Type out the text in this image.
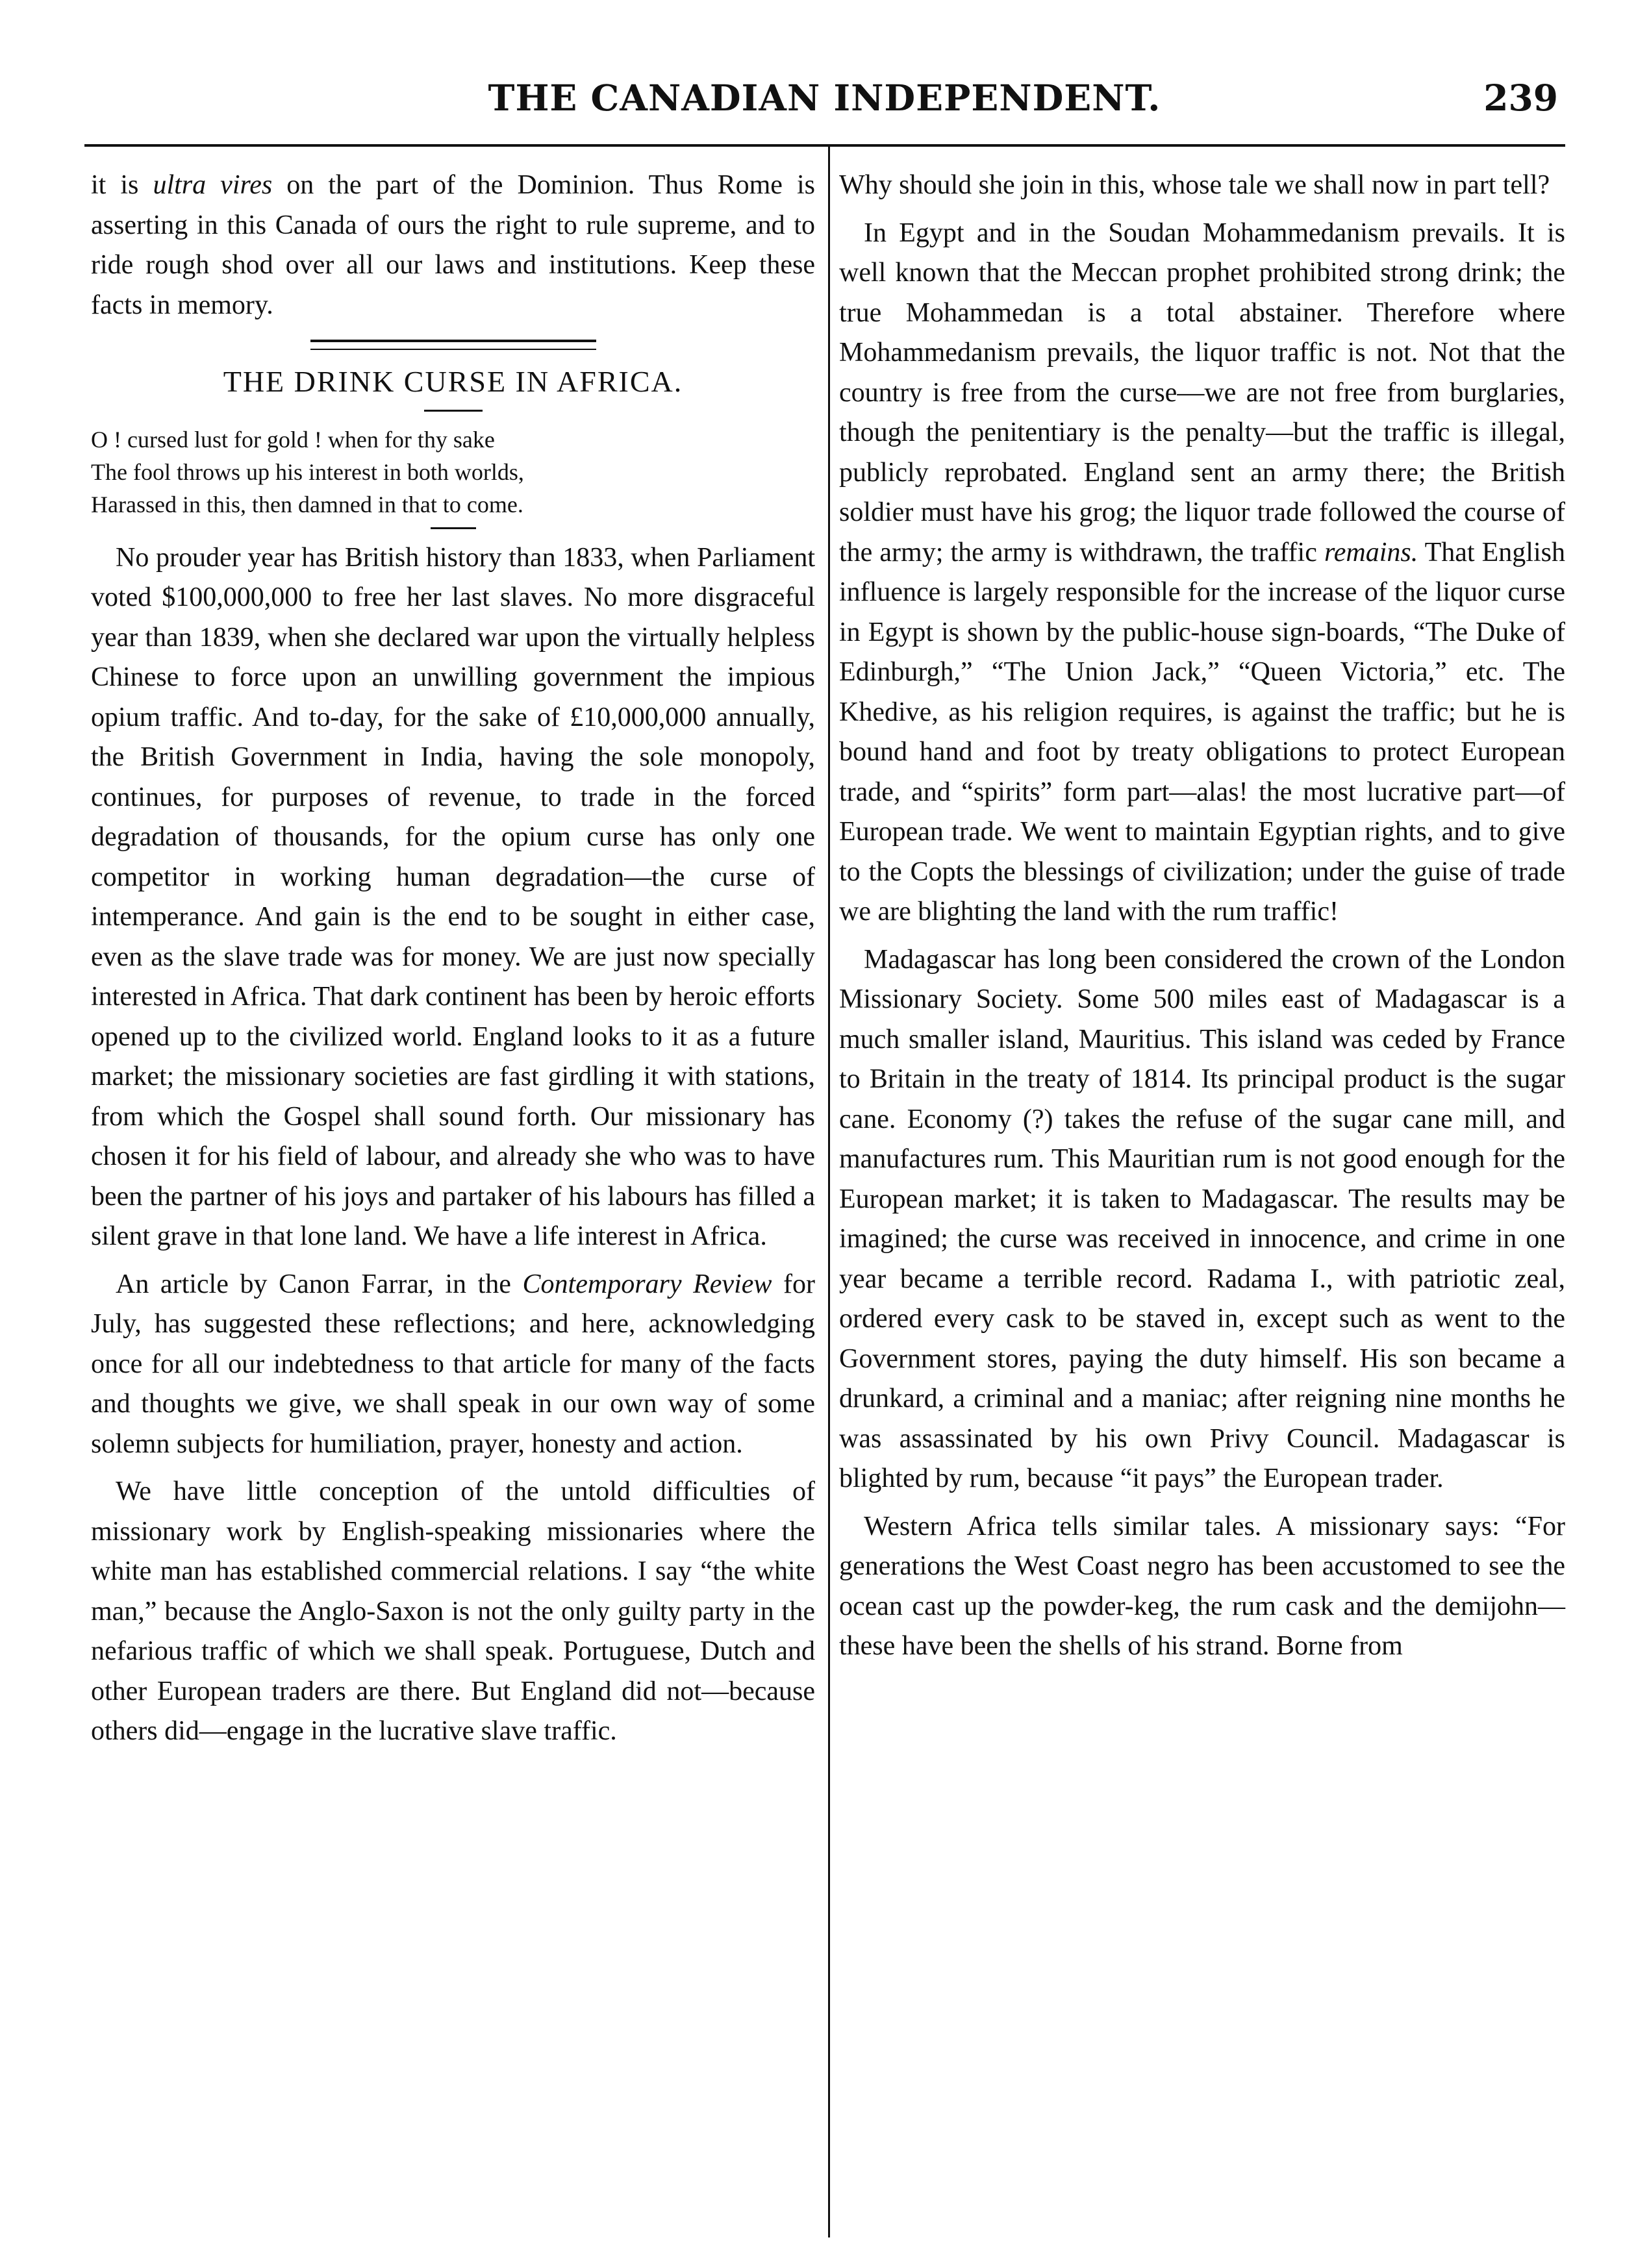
THE CANADIAN INDEPENDENT.	239

it is ultra vires on the part of the Dominion. Thus Rome is asserting in this Canada of ours the right to rule supreme, and to ride rough shod over all our laws and institutions. Keep these facts in memory.

THE DRINK CURSE IN AFRICA.
O ! cursed lust for gold ! when for thy sake
The fool throws up his interest in both worlds,
Harassed in this, then damned in that to come.

No prouder year has British history than 1833, when Parliament voted $100,000,000 to free her last slaves. No more disgraceful year than 1839, when she declared war upon the virtually helpless Chinese to force upon an unwilling government the impious opium traffic. And to-day, for the sake of £10,000,000 annually, the British Government in India, having the sole monopoly, continues, for purposes of revenue, to trade in the forced degradation of thousands, for the opium curse has only one competitor in working human degradation—the curse of intemperance. And gain is the end to be sought in either case, even as the slave trade was for money. We are just now specially interested in Africa. That dark continent has been by heroic efforts opened up to the civilized world. England looks to it as a future market; the missionary societies are fast girdling it with stations, from which the Gospel shall sound forth. Our missionary has chosen it for his field of labour, and already she who was to have been the partner of his joys and partaker of his labours has filled a silent grave in that lone land. We have a life interest in Africa.

An article by Canon Farrar, in the Contemporary Review for July, has suggested these reflections; and here, acknowledging once for all our indebtedness to that article for many of the facts and thoughts we give, we shall speak in our own way of some solemn subjects for humiliation, prayer, honesty and action.

We have little conception of the untold difficulties of missionary work by English-speaking missionaries where the white man has established commercial relations. I say “the white man,” because the Anglo-Saxon is not the only guilty party in the nefarious traffic of which we shall speak. Portuguese, Dutch and other European traders are there. But England did not—because others did—engage in the lucrative slave traffic.

Why should she join in this, whose tale we shall now in part tell?

In Egypt and in the Soudan Mohammedanism prevails. It is well known that the Meccan prophet prohibited strong drink; the true Mohammedan is a total abstainer. Therefore where Mohammedanism prevails, the liquor traffic is not. Not that the country is free from the curse—we are not free from burglaries, though the penitentiary is the penalty—but the traffic is illegal, publicly reprobated. England sent an army there; the British soldier must have his grog; the liquor trade followed the course of the army; the army is withdrawn, the traffic remains. That English influence is largely responsible for the increase of the liquor curse in Egypt is shown by the public-house sign-boards, “The Duke of Edinburgh,” “The Union Jack,” “Queen Victoria,” etc. The Khedive, as his religion requires, is against the traffic; but he is bound hand and foot by treaty obligations to protect European trade, and “spirits” form part—alas! the most lucrative part—of European trade. We went to maintain Egyptian rights, and to give to the Copts the blessings of civilization; under the guise of trade we are blighting the land with the rum traffic!

Madagascar has long been considered the crown of the London Missionary Society. Some 500 miles east of Madagascar is a much smaller island, Mauritius. This island was ceded by France to Britain in the treaty of 1814. Its principal product is the sugar cane. Economy (?) takes the refuse of the sugar cane mill, and manufactures rum. This Mauritian rum is not good enough for the European market; it is taken to Madagascar. The results may be imagined; the curse was received in innocence, and crime in one year became a terrible record. Radama I., with patriotic zeal, ordered every cask to be staved in, except such as went to the Government stores, paying the duty himself. His son became a drunkard, a criminal and a maniac; after reigning nine months he was assassinated by his own Privy Council. Madagascar is blighted by rum, because “it pays” the European trader.

Western Africa tells similar tales. A missionary says: “For generations the West Coast negro has been accustomed to see the ocean cast up the powder-keg, the rum cask and the demijohn—these have been the shells of his strand. Borne from
